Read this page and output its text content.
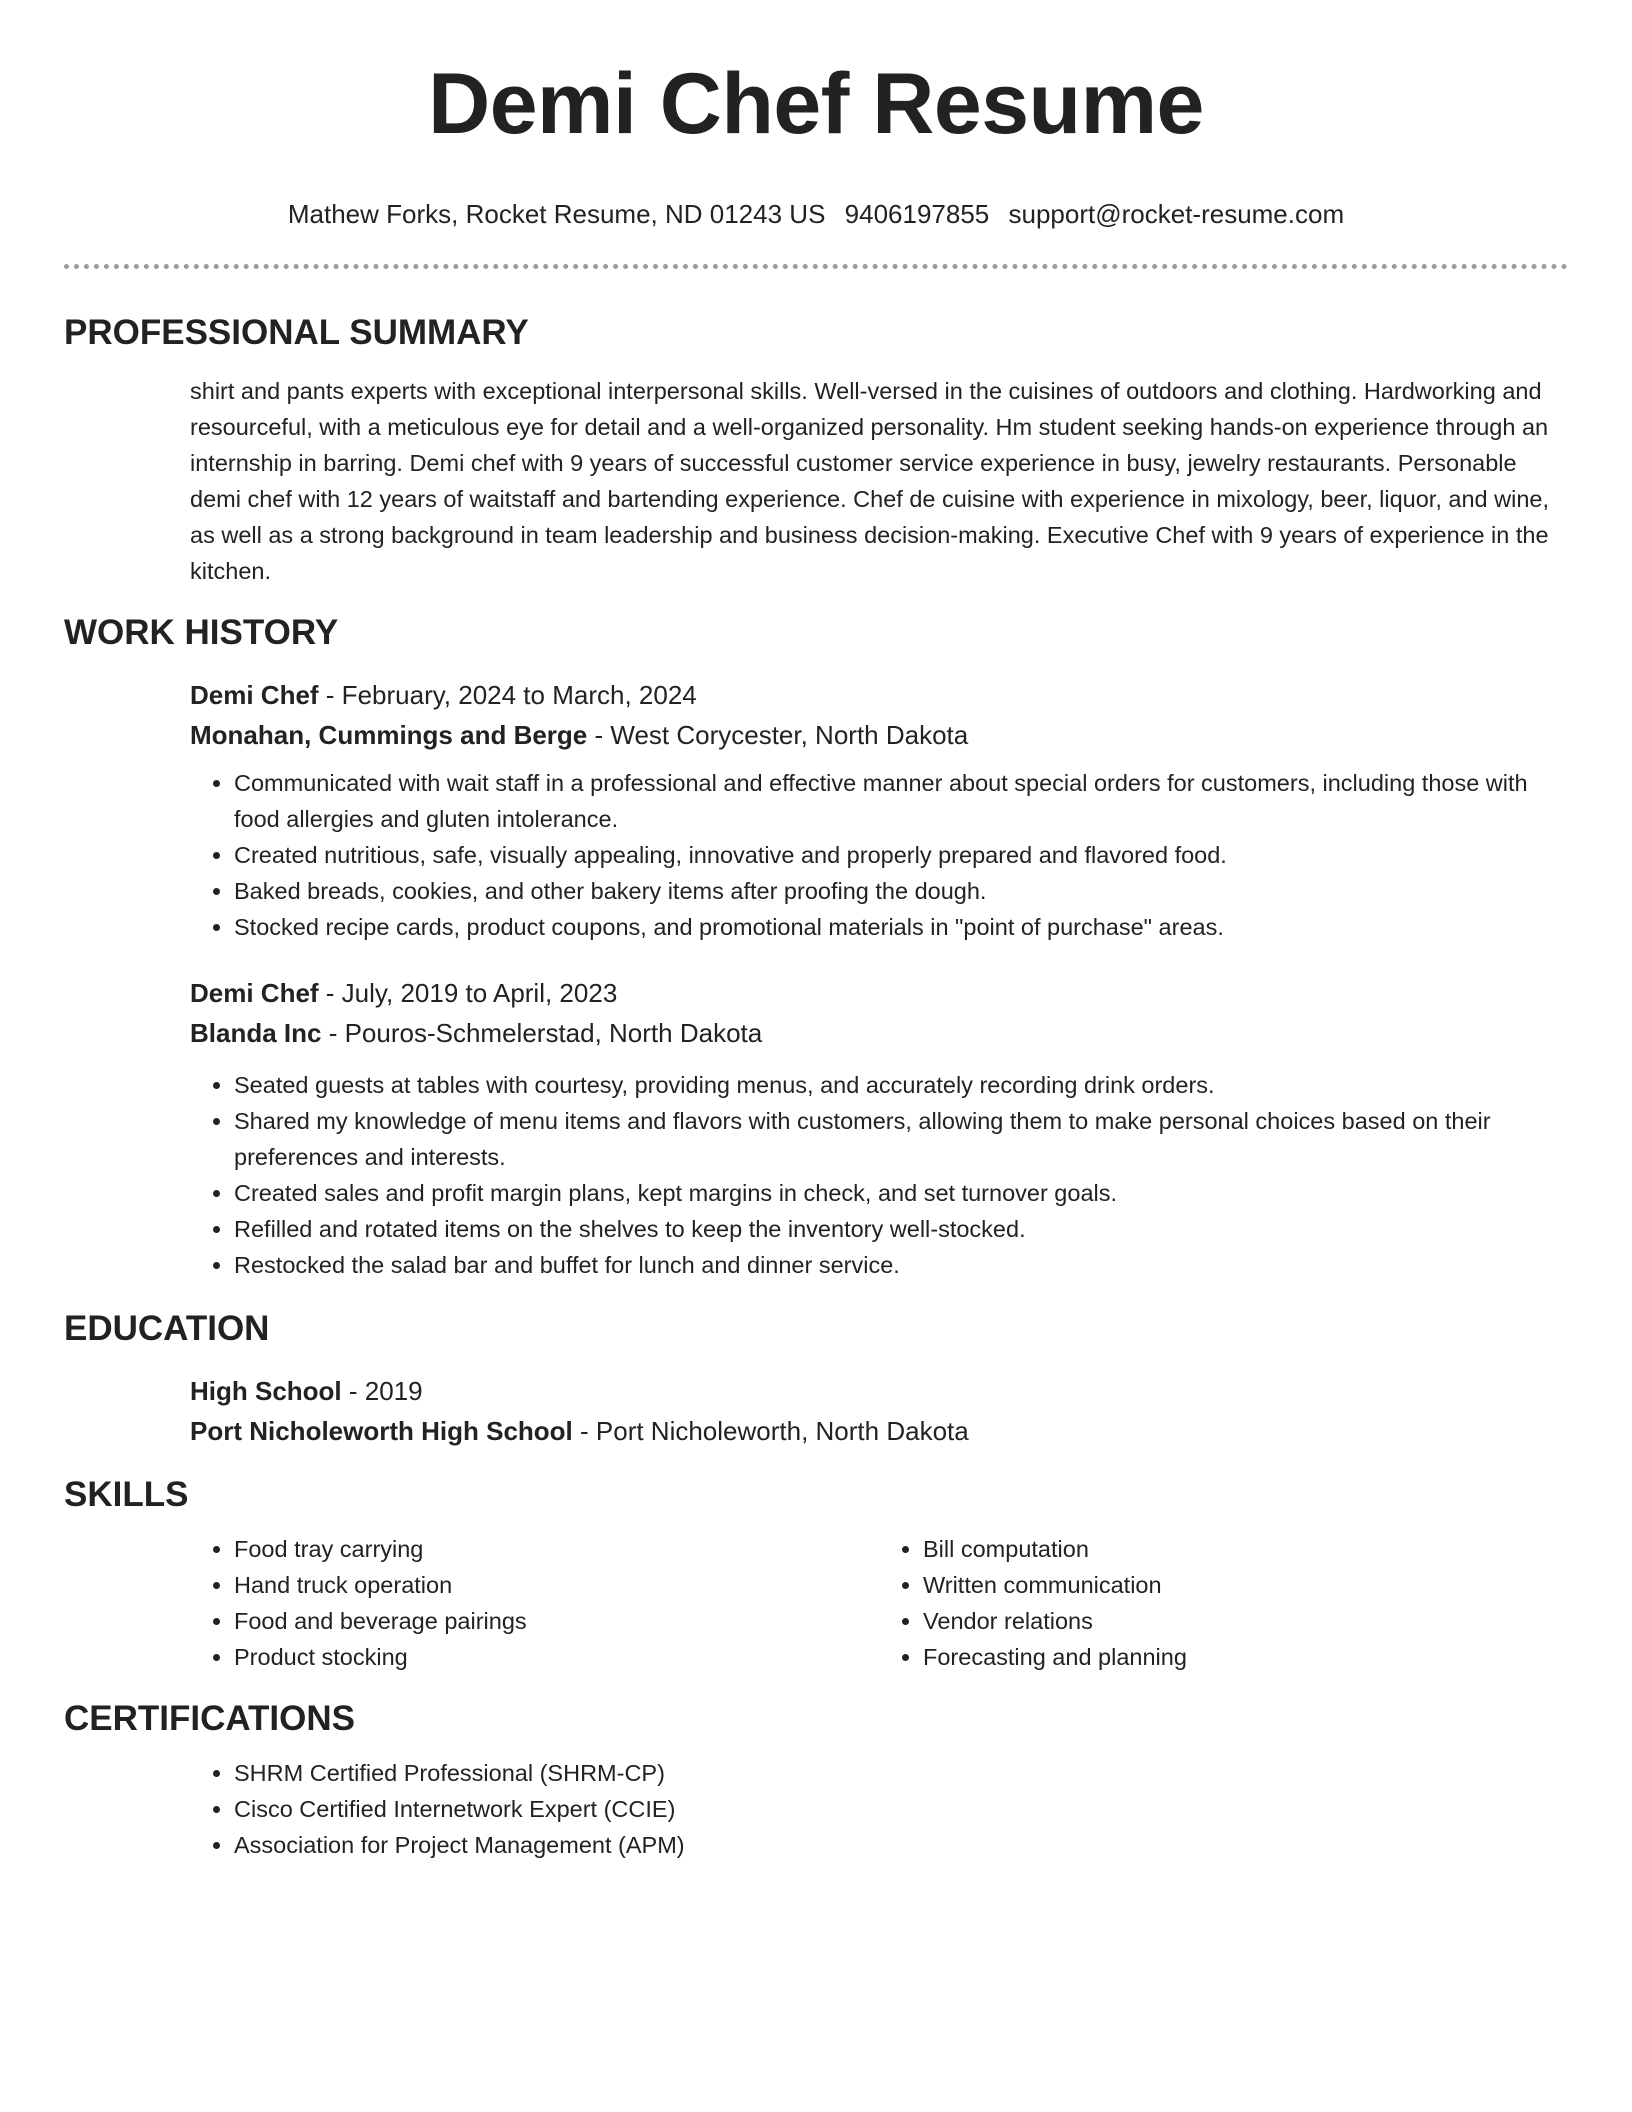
Demi Chef Resume
Mathew Forks, Rocket Resume, ND 01243 US 9406197855 support@rocket-resume.com
PROFESSIONAL SUMMARY

shirt and pants experts with exceptional interpersonal skills. Well-versed in the cuisines of outdoors and clothing. Hardworking and resourceful, with a meticulous eye for detail and a well-organized personality. Hm student seeking hands-on experience through an internship in barring. Demi chef with 9 years of successful customer service experience in busy, jewelry restaurants. Personable demi chef with 12 years of waitstaff and bartending experience. Chef de cuisine with experience in mixology, beer, liquor, and wine, as well as a strong background in team leadership and business decision-making. Executive Chef with 9 years of experience in the kitchen.

WORK HISTORY
Demi Chef - February, 2024 to March, 2024
Monahan, Cummings and Berge - West Corycester, North Dakota
• Communicated with wait staff in a professional and effective manner about special orders for customers, including those with food allergies and gluten intolerance.
• Created nutritious, safe, visually appealing, innovative and properly prepared and flavored food.
• Baked breads, cookies, and other bakery items after proofing the dough.
• Stocked recipe cards, product coupons, and promotional materials in "point of purchase" areas.
Demi Chef - July, 2019 to April, 2023
Blanda Inc - Pouros-Schmelerstad, North Dakota
• Seated guests at tables with courtesy, providing menus, and accurately recording drink orders.
• Shared my knowledge of menu items and flavors with customers, allowing them to make personal choices based on their preferences and interests.
• Created sales and profit margin plans, kept margins in check, and set turnover goals.
• Refilled and rotated items on the shelves to keep the inventory well-stocked.
• Restocked the salad bar and buffet for lunch and dinner service.
EDUCATION
High School - 2019
Port Nicholeworth High School - Port Nicholeworth, North Dakota
SKILLS
• Food tray carrying
• Hand truck operation
• Food and beverage pairings
• Product stocking
• Bill computation
• Written communication
• Vendor relations
• Forecasting and planning
CERTIFICATIONS
• SHRM Certified Professional (SHRM-CP)
• Cisco Certified Internetwork Expert (CCIE)
• Association for Project Management (APM)
